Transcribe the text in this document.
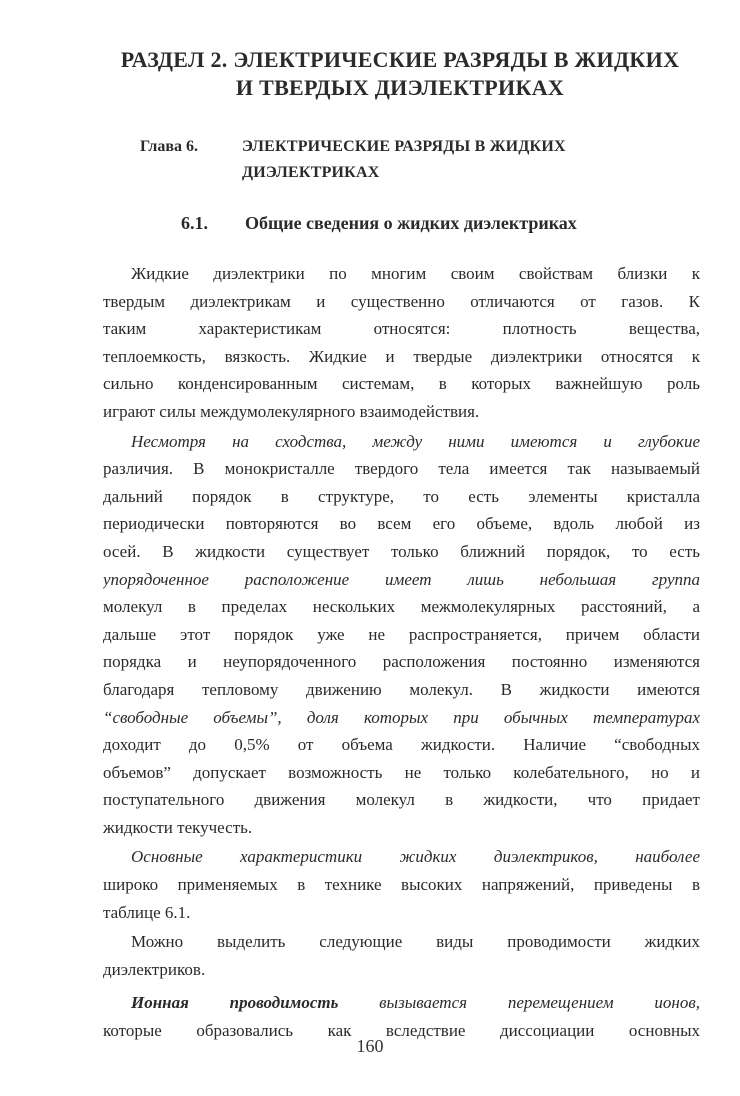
РАЗДЕЛ 2. ЭЛЕКТРИЧЕСКИЕ РАЗРЯДЫ В ЖИДКИХ
И ТВЕРДЫХ ДИЭЛЕКТРИКАХ
Глава 6.	ЭЛЕКТРИЧЕСКИЕ РАЗРЯДЫ В ЖИДКИХ
ДИЭЛЕКТРИКАХ
6.1. Общие сведения о жидких диэлектриках
Жидкие диэлектрики по многим своим свойствам близки к
твердым диэлектрикам и существенно отличаются от газов. К
таким характеристикам относятся: плотность вещества,
теплоемкость, вязкость. Жидкие и твердые диэлектрики относятся к
сильно конденсированным системам, в которых важнейшую роль
играют силы междумолекулярного взаимодействия.
Несмотря на сходства, между ними имеются и глубокие
различия. В монокристалле твердого тела имеется так называемый
дальний порядок в структуре, то есть элементы кристалла
периодически повторяются во всем его объеме, вдоль любой из
осей. В жидкости существует только ближний порядок, то есть
упорядоченное расположение имеет лишь небольшая группа
молекул в пределах нескольких межмолекулярных расстояний, а
дальше этот порядок уже не распространяется, причем области
порядка и неупорядоченного расположения постоянно изменяются
благодаря тепловому движению молекул. В жидкости имеются
“свободные объемы”, доля которых при обычных температурах
доходит до 0,5% от объема жидкости. Наличие “свободных
объемов” допускает возможность не только колебательного, но и
поступательного движения молекул в жидкости, что придает
жидкости текучесть.
Основные характеристики жидких диэлектриков, наиболее
широко применяемых в технике высоких напряжений, приведены в
таблице 6.1.
Можно выделить следующие виды проводимости жидких
диэлектриков.
Ионная проводимость вызывается перемещением ионов,
которые образовались как вследствие диссоциации основных
160
